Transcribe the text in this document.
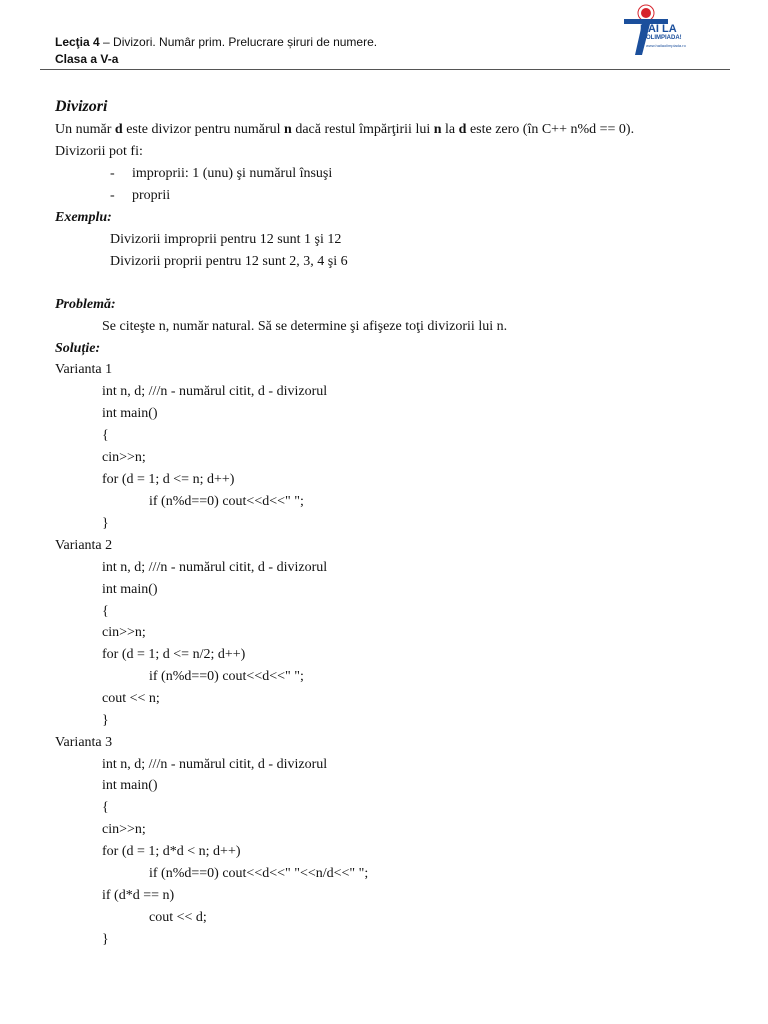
Lecţia 4 – Divizori. Numâr prim. Prelucrare șiruri de numere.
Clasa a V-a
HAI LA
OLIMPIADA!
www.hailaolimpiada.ro
Divizori
Un număr d este divizor pentru numărul n dacă restul împărţirii lui n la d este zero (în C++ n%d == 0).
Divizorii pot fi:
- improprii: 1 (unu) şi numărul însuşi
- proprii
Exemplu:
Divizorii improprii pentru 12 sunt 1 şi 12
Divizorii proprii pentru 12 sunt 2, 3, 4 şi 6
Problemă:
Se citeşte n, număr natural. Să se determine şi afişeze toţi divizorii lui n.
Soluție:
Varianta 1
int n, d; ///n - numărul citit, d - divizorul
int main()
{
cin>>n;
for (d = 1; d <= n; d++)
if (n%d==0) cout<<d<<" ";
}
Varianta 2
int n, d; ///n - numărul citit, d - divizorul
int main()
{
cin>>n;
for (d = 1; d <= n/2; d++)
if (n%d==0) cout<<d<<" ";
cout << n;
}
Varianta 3
int n, d; ///n - numărul citit, d - divizorul
int main()
{
cin>>n;
for (d = 1; d*d < n; d++)
if (n%d==0) cout<<d<<" "<<n/d<<" ";
if (d*d == n)
cout << d;
}
